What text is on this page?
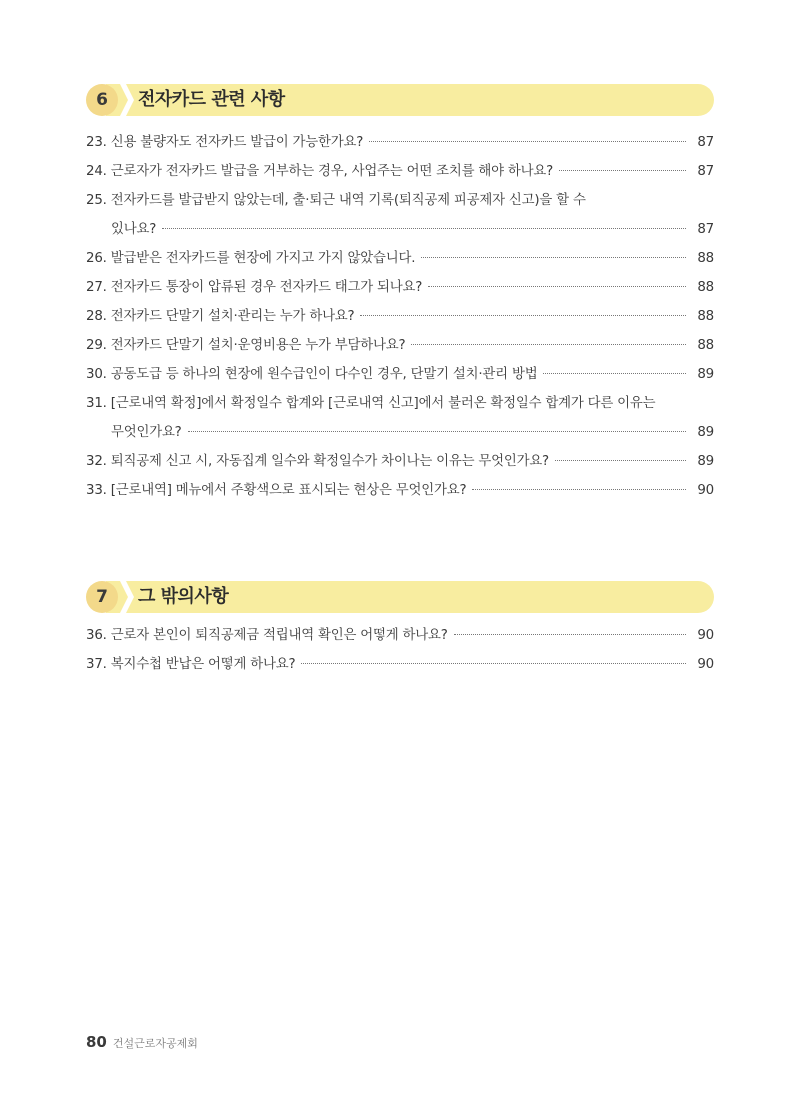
6	전자카드 관련 사항
23. 신용 불량자도 전자카드 발급이 가능한가요?	87
24. 근로자가 전자카드 발급을 거부하는 경우, 사업주는 어떤 조치를 해야 하나요?	87
25. 전자카드를 발급받지 않았는데, 출·퇴근 내역 기록(퇴직공제 피공제자 신고)을 할 수
있나요?	87
26. 발급받은 전자카드를 현장에 가지고 가지 않았습니다.	88
27. 전자카드 통장이 압류된 경우 전자카드 태그가 되나요?	88
28. 전자카드 단말기 설치·관리는 누가 하나요?	88
29. 전자카드 단말기 설치·운영비용은 누가 부담하나요?	88
30. 공동도급 등 하나의 현장에 원수급인이 다수인 경우, 단말기 설치·관리 방법	89
31. [근로내역 확정]에서 확정일수 합계와 [근로내역 신고]에서 불러온 확정일수 합계가 다른 이유는
무엇인가요?	89
32. 퇴직공제 신고 시, 자동집계 일수와 확정일수가 차이나는 이유는 무엇인가요?	89
33. [근로내역] 메뉴에서 주황색으로 표시되는 현상은 무엇인가요?	90
7	그 밖의사항
36. 근로자 본인이 퇴직공제금 적립내역 확인은 어떻게 하나요?	90
37. 복지수첩 반납은 어떻게 하나요?	90
80 건설근로자공제회
